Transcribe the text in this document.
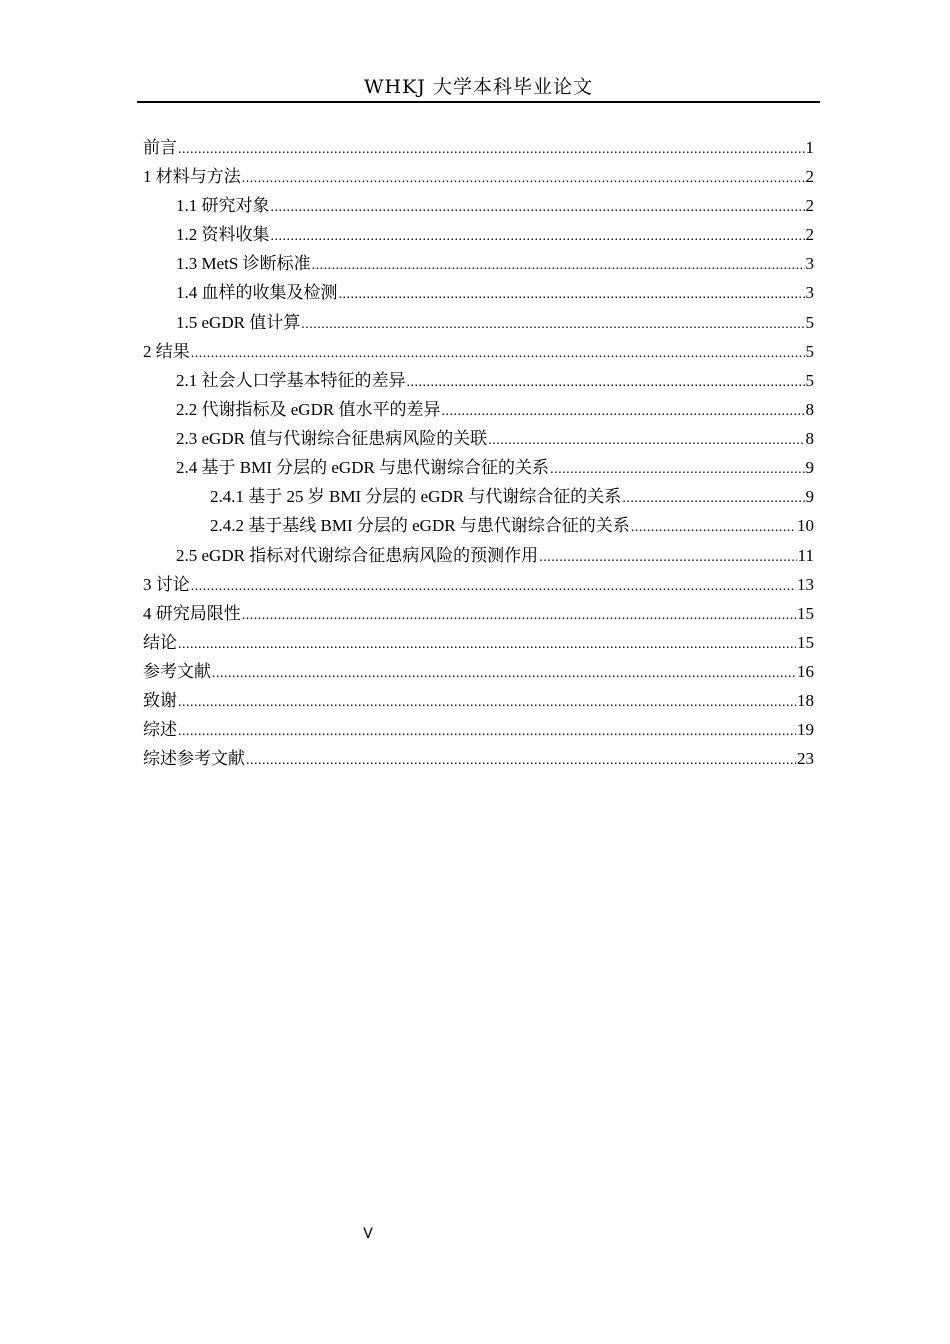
WHKJ 大学本科毕业论文
前言 .....	1
1 材料与方法 .....	2
1.1 研究对象 .....	2
1.2 资料收集 .....	2
1.3 MetS 诊断标准 .....	3
1.4 血样的收集及检测 .....	3
1.5 eGDR 值计算 .....	5
2 结果 .....	5
2.1 社会人口学基本特征的差异 .....	5
2.2 代谢指标及 eGDR 值水平的差异 .....	8
2.3 eGDR 值与代谢综合征患病风险的关联 .....	8
2.4 基于 BMI 分层的 eGDR 与患代谢综合征的关系 .....	9
2.4.1 基于 25 岁 BMI 分层的 eGDR 与代谢综合征的关系 .....	9
2.4.2 基于基线 BMI 分层的 eGDR 与患代谢综合征的关系 .....	10
2.5 eGDR 指标对代谢综合征患病风险的预测作用 .....	11
3 讨论 .....	13
4 研究局限性 .....	15
结论 .....	15
参考文献 .....	16
致谢 .....	18
综述 .....	19
综述参考文献 .....	23
V
